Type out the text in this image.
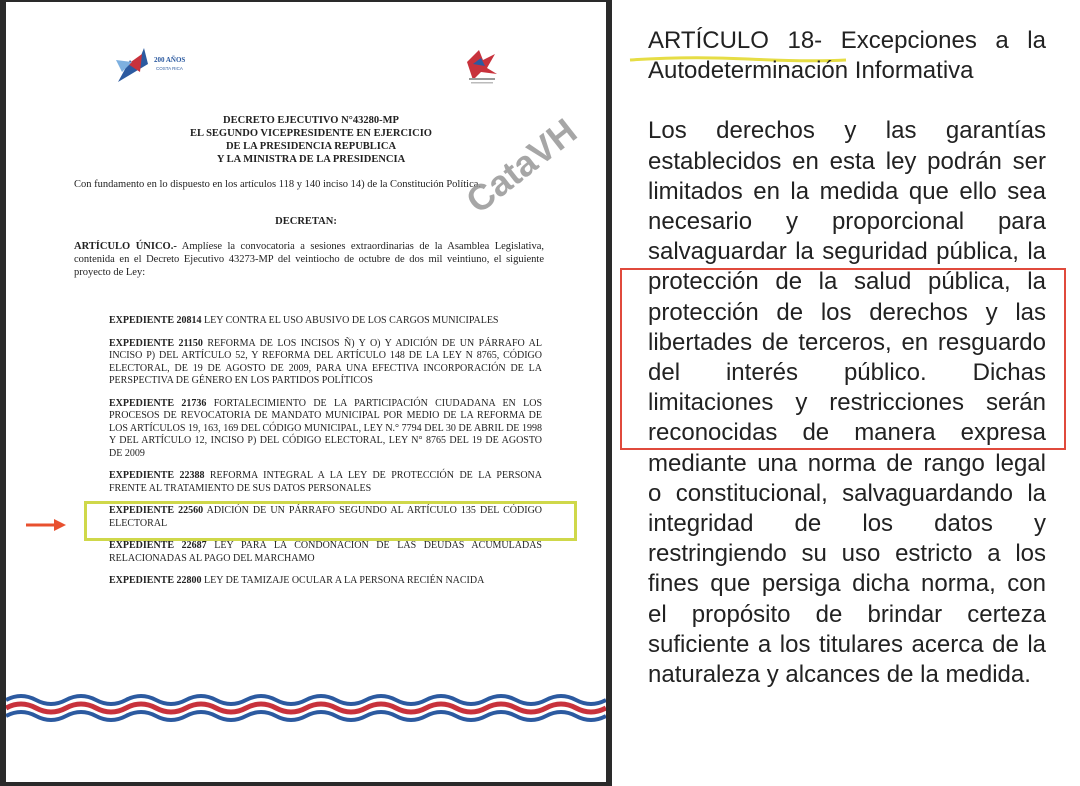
200 AÑOS
COSTA RICA
DECRETO EJECUTIVO N°43280-MP
EL SEGUNDO VICEPRESIDENTE EN EJERCICIO
DE LA PRESIDENCIA REPUBLICA
Y LA MINISTRA DE LA PRESIDENCIA
Con fundamento en lo dispuesto en los artículos 118 y 140 inciso 14) de la Constitución Política.
DECRETAN:
ARTÍCULO ÚNICO.- Amplíese la convocatoria a sesiones extraordinarias de la Asamblea Legislativa, contenida en el Decreto Ejecutivo 43273-MP del veintiocho de octubre de dos mil veintiuno, el siguiente proyecto de Ley:
EXPEDIENTE 20814 LEY CONTRA EL USO ABUSIVO DE LOS CARGOS MUNICIPALES
EXPEDIENTE 21150 REFORMA DE LOS INCISOS Ñ) Y O) Y ADICIÓN DE UN PÁRRAFO AL INCISO P) DEL ARTÍCULO 52, Y REFORMA DEL ARTÍCULO 148 DE LA LEY N 8765, CÓDIGO ELECTORAL, DE 19 DE AGOSTO DE 2009, PARA UNA EFECTIVA INCORPORACIÓN DE LA PERSPECTIVA DE GÉNERO EN LOS PARTIDOS POLÍTICOS
EXPEDIENTE 21736 FORTALECIMIENTO DE LA PARTICIPACIÓN CIUDADANA EN LOS PROCESOS DE REVOCATORIA DE MANDATO MUNICIPAL POR MEDIO DE LA REFORMA DE LOS ARTÍCULOS 19, 163, 169 DEL CÓDIGO MUNICIPAL, LEY N.° 7794 DEL 30 DE ABRIL DE 1998 Y DEL ARTÍCULO 12, INCISO P) DEL CÓDIGO ELECTORAL, LEY N° 8765 DEL 19 DE AGOSTO DE 2009
EXPEDIENTE 22388 REFORMA INTEGRAL A LA LEY DE PROTECCIÓN DE LA PERSONA FRENTE AL TRATAMIENTO DE SUS DATOS PERSONALES
EXPEDIENTE 22560 ADICIÓN DE UN PÁRRAFO SEGUNDO AL ARTÍCULO 135 DEL CÓDIGO ELECTORAL
EXPEDIENTE 22687 LEY PARA LA CONDONACIÓN DE LAS DEUDAS ACUMULADAS RELACIONADAS AL PAGO DEL MARCHAMO
EXPEDIENTE 22800 LEY DE TAMIZAJE OCULAR A LA PERSONA RECIÉN NACIDA
CataVH

ARTÍCULO 18- Excepciones a la Autodeterminación Informativa

Los derechos y las garantías establecidos en esta ley podrán ser limitados en la medida que ello sea necesario y proporcional para salvaguardar la seguridad pública, la protección de la salud pública, la protección de los derechos y las libertades de terceros, en resguardo del interés público. Dichas limitaciones y restricciones serán reconocidas de manera expresa mediante una norma de rango legal o constitucional, salvaguardando la integridad de los datos y restringiendo su uso estricto a los fines que persiga dicha norma, con el propósito de brindar certeza suficiente a los titulares acerca de la naturaleza y alcances de la medida.
